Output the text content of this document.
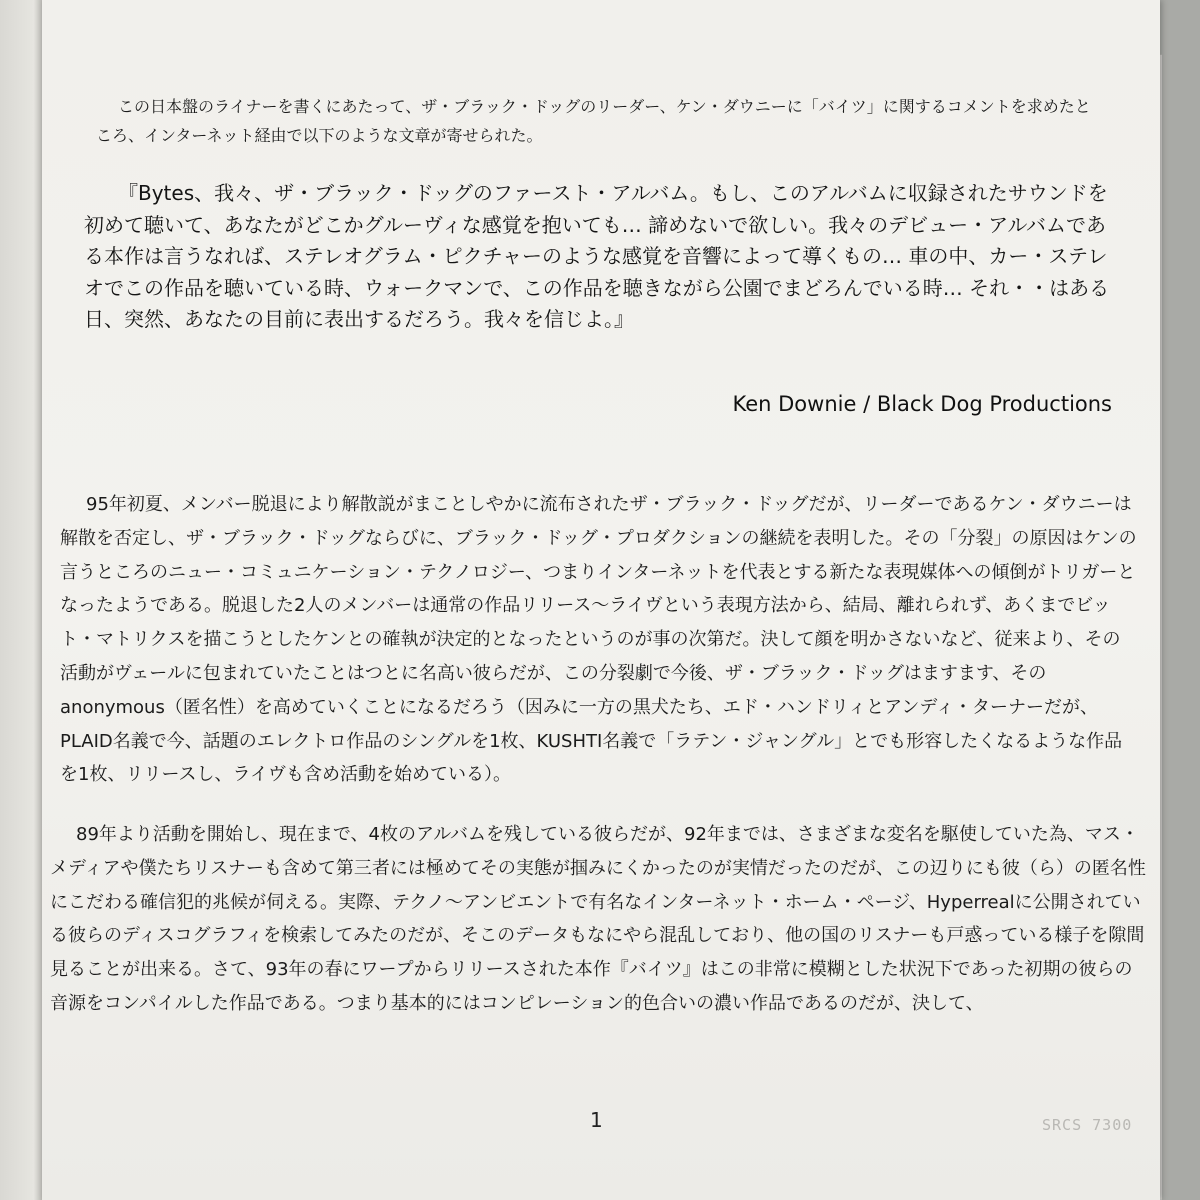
この日本盤のライナーを書くにあたって、ザ・ブラック・ドッグのリーダー、ケン・ダウニーに「バイツ」に関するコメントを求めたところ、インターネット経由で以下のような文章が寄せられた。

『Bytes、我々、ザ・ブラック・ドッグのファースト・アルバム。もし、このアルバムに収録されたサウンドを初めて聴いて、あなたがどこかグルーヴィな感覚を抱いても… 諦めないで欲しい。我々のデビュー・アルバムである本作は言うなれば、ステレオグラム・ピクチャーのような感覚を音響によって導くもの… 車の中、カー・ステレオでこの作品を聴いている時、ウォークマンで、この作品を聴きながら公園でまどろんでいる時… それ・・はある日、突然、あなたの目前に表出するだろう。我々を信じよ。』

Ken Downie / Black Dog Productions

95年初夏、メンバー脱退により解散説がまことしやかに流布されたザ・ブラック・ドッグだが、リーダーであるケン・ダウニーは解散を否定し、ザ・ブラック・ドッグならびに、ブラック・ドッグ・プロダクションの継続を表明した。その「分裂」の原因はケンの言うところのニュー・コミュニケーション・テクノロジー、つまりインターネットを代表とする新たな表現媒体への傾倒がトリガーとなったようである。脱退した2人のメンバーは通常の作品リリース〜ライヴという表現方法から、結局、離れられず、あくまでビット・マトリクスを描こうとしたケンとの確執が決定的となったというのが事の次第だ。決して顔を明かさないなど、従来より、その活動がヴェールに包まれていたことはつとに名高い彼らだが、この分裂劇で今後、ザ・ブラック・ドッグはますます、そのanonymous（匿名性）を高めていくことになるだろう（因みに一方の黒犬たち、エド・ハンドリィとアンディ・ターナーだが、PLAID名義で今、話題のエレクトロ作品のシングルを1枚、KUSHTI名義で「ラテン・ジャングル」とでも形容したくなるような作品を1枚、リリースし、ライヴも含め活動を始めている）。

89年より活動を開始し、現在まで、4枚のアルバムを残している彼らだが、92年までは、さまざまな変名を駆使していた為、マス・メディアや僕たちリスナーも含めて第三者には極めてその実態が掴みにくかったのが実情だったのだが、この辺りにも彼（ら）の匿名性にこだわる確信犯的兆候が伺える。実際、テクノ〜アンビエントで有名なインターネット・ホーム・ページ、Hyperrealに公開されている彼らのディスコグラフィを検索してみたのだが、そこのデータもなにやら混乱しており、他の国のリスナーも戸惑っている様子を隙間見ることが出来る。さて、93年の春にワープからリリースされた本作『バイツ』はこの非常に模糊とした状況下であった初期の彼らの音源をコンパイルした作品である。つまり基本的にはコンピレーション的色合いの濃い作品であるのだが、決して、

1	SRCS 7300
